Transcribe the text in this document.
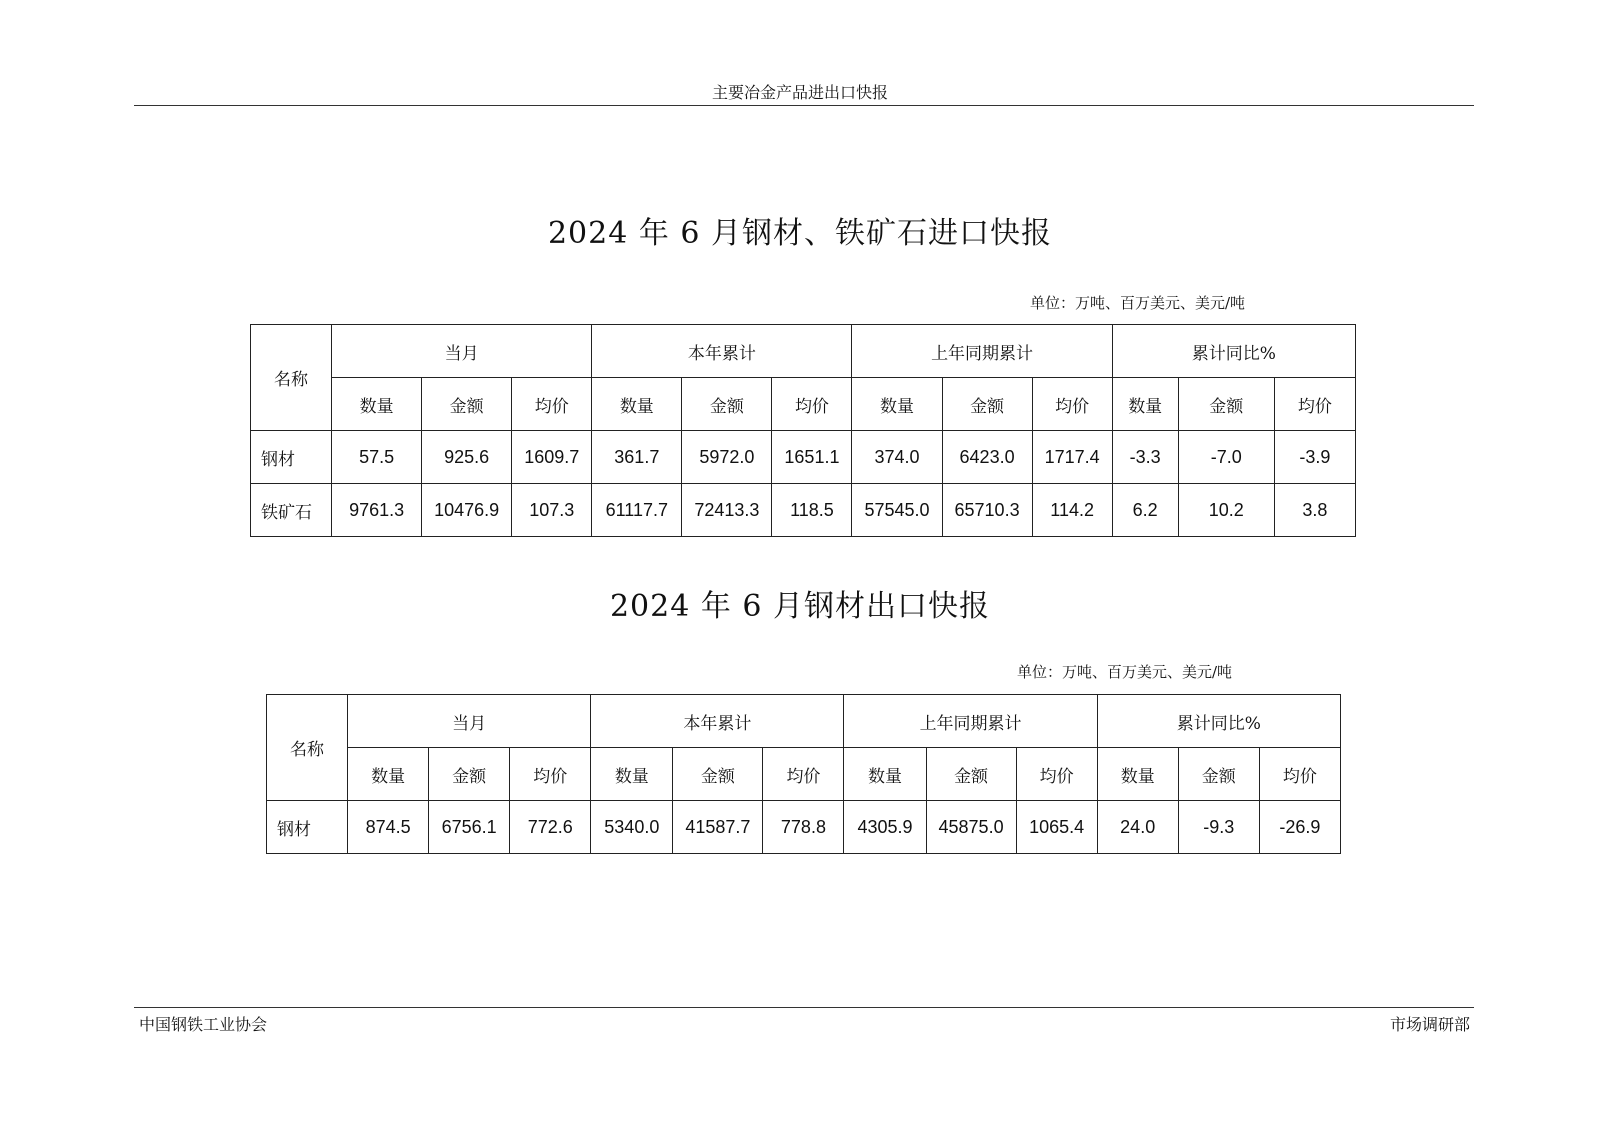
主要冶金产品进出口快报
2024 年 6 月钢材、铁矿石进口快报
单位：万吨、百万美元、美元/吨
名称	当月			本年累计			上年同期累计			累计同比%		
	数量	金额	均价	数量	金额	均价	数量	金额	均价	数量	金额	均价
钢材	57.5	925.6	1609.7	361.7	5972.0	1651.1	374.0	6423.0	1717.4	-3.3	-7.0	-3.9
铁矿石	9761.3	10476.9	107.3	61117.7	72413.3	118.5	57545.0	65710.3	114.2	6.2	10.2	3.8
2024 年 6 月钢材出口快报
单位：万吨、百万美元、美元/吨
名称	当月			本年累计			上年同期累计			累计同比%		
	数量	金额	均价	数量	金额	均价	数量	金额	均价	数量	金额	均价
钢材	874.5	6756.1	772.6	5340.0	41587.7	778.8	4305.9	45875.0	1065.4	24.0	-9.3	-26.9
中国钢铁工业协会	市场调研部
